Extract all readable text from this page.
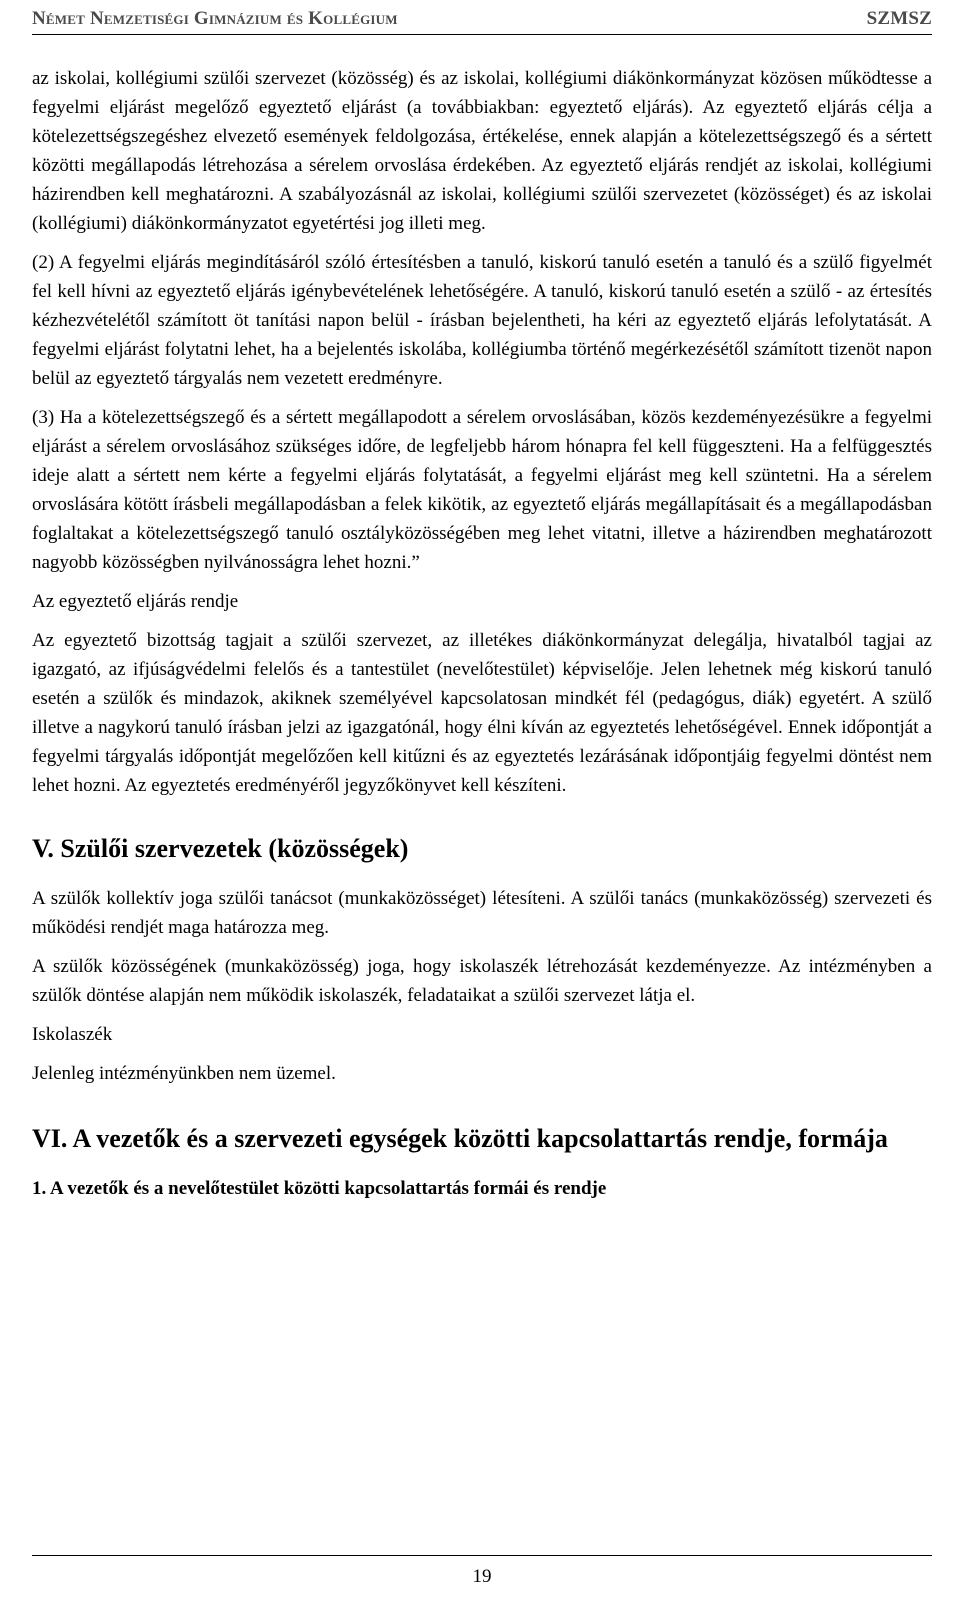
Német Nemzetiségi Gimnázium és Kollégium	SZMSZ

az iskolai, kollégiumi szülői szervezet (közösség) és az iskolai, kollégiumi diákönkormányzat közösen működtesse a fegyelmi eljárást megelőző egyeztető eljárást (a továbbiakban: egyeztető eljárás). Az egyeztető eljárás célja a kötelezettségszegéshez elvezető események feldolgozása, értékelése, ennek alapján a kötelezettségszegő és a sértett közötti megállapodás létrehozása a sérelem orvoslása érdekében. Az egyeztető eljárás rendjét az iskolai, kollégiumi házirendben kell meghatározni. A szabályozásnál az iskolai, kollégiumi szülői szervezetet (közösséget) és az iskolai (kollégiumi) diákönkormányzatot egyetértési jog illeti meg.

(2) A fegyelmi eljárás megindításáról szóló értesítésben a tanuló, kiskorú tanuló esetén a tanuló és a szülő figyelmét fel kell hívni az egyeztető eljárás igénybevételének lehetőségére. A tanuló, kiskorú tanuló esetén a szülő - az értesítés kézhezvételétől számított öt tanítási napon belül - írásban bejelentheti, ha kéri az egyeztető eljárás lefolytatását. A fegyelmi eljárást folytatni lehet, ha a bejelentés iskolába, kollégiumba történő megérkezésétől számított tizenöt napon belül az egyeztető tárgyalás nem vezetett eredményre.

(3) Ha a kötelezettségszegő és a sértett megállapodott a sérelem orvoslásában, közös kezdeményezésükre a fegyelmi eljárást a sérelem orvoslásához szükséges időre, de legfeljebb három hónapra fel kell függeszteni. Ha a felfüggesztés ideje alatt a sértett nem kérte a fegyelmi eljárás folytatását, a fegyelmi eljárást meg kell szüntetni. Ha a sérelem orvoslására kötött írásbeli megállapodásban a felek kikötik, az egyeztető eljárás megállapításait és a megállapodásban foglaltakat a kötelezettségszegő tanuló osztályközösségében meg lehet vitatni, illetve a házirendben meghatározott nagyobb közösségben nyilvánosságra lehet hozni.”

Az egyeztető eljárás rendje

Az egyeztető bizottság tagjait a szülői szervezet, az illetékes diákönkormányzat delegálja, hivatalból tagjai az igazgató, az ifjúságvédelmi felelős és a tantestület (nevelőtestület) képviselője. Jelen lehetnek még kiskorú tanuló esetén a szülők és mindazok, akiknek személyével kapcsolatosan mindkét fél (pedagógus, diák) egyetért. A szülő illetve a nagykorú tanuló írásban jelzi az igazgatónál, hogy élni kíván az egyeztetés lehetőségével. Ennek időpontját a fegyelmi tárgyalás időpontját megelőzően kell kitűzni és az egyeztetés lezárásának időpontjáig fegyelmi döntést nem lehet hozni. Az egyeztetés eredményéről jegyzőkönyvet kell készíteni.

V. Szülői szervezetek (közösségek)

A szülők kollektív joga szülői tanácsot (munkaközösséget) létesíteni. A szülői tanács (munkaközösség) szervezeti és működési rendjét maga határozza meg.

A szülők közösségének (munkaközösség) joga, hogy iskolaszék létrehozását kezdeményezze. Az intézményben a szülők döntése alapján nem működik iskolaszék, feladataikat a szülői szervezet látja el.

Iskolaszék

Jelenleg intézményünkben nem üzemel.

VI. A vezetők és a szervezeti egységek közötti kapcsolattartás rendje, formája

1. A vezetők és a nevelőtestület közötti kapcsolattartás formái és rendje

19
